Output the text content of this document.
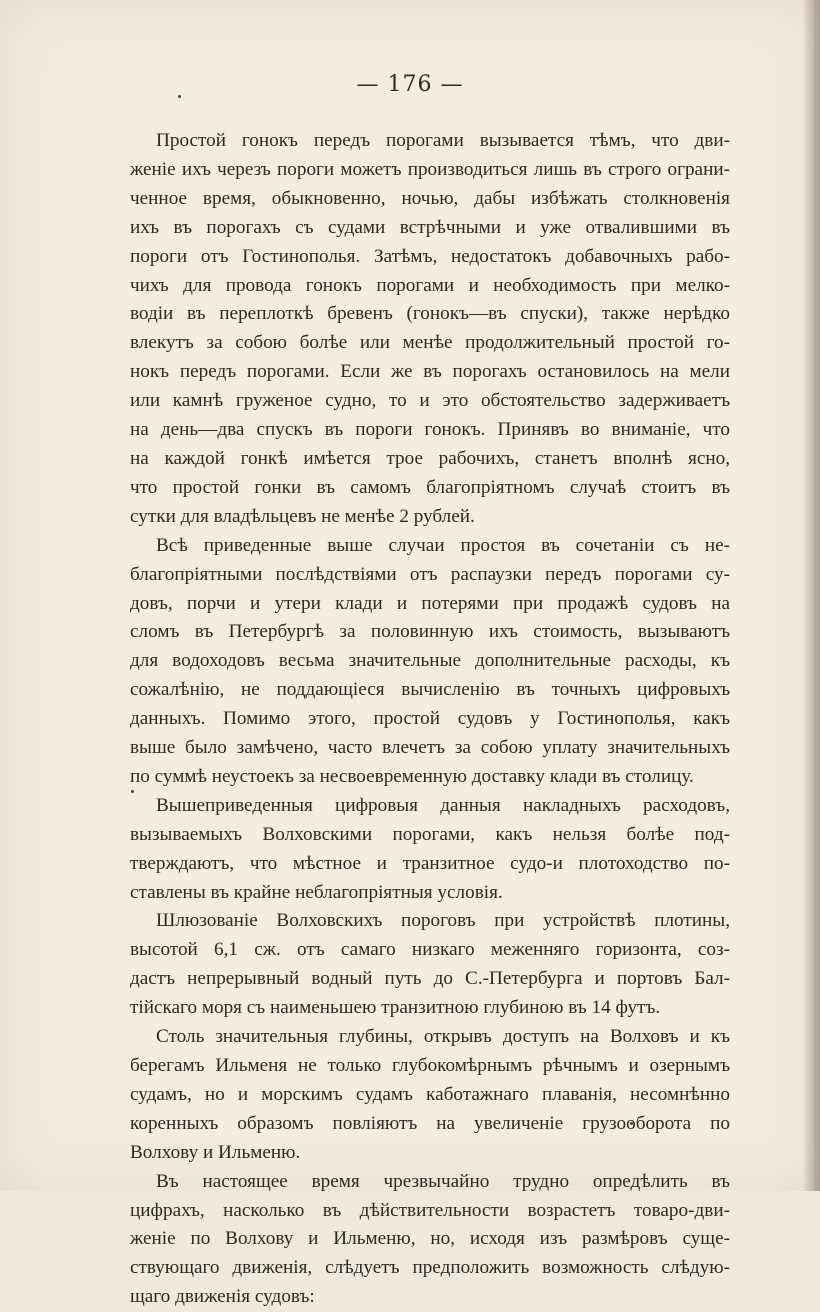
— 176 —
Простой гонокъ передъ порогами вызывается тѣмъ, что дви-
женіе ихъ черезъ пороги можетъ производиться лишь въ строго ограни-
ченное время, обыкновенно, ночью, дабы избѣжать столкновенія
ихъ въ порогахъ съ судами встрѣчными и уже отвалившими въ
пороги отъ Гостинополья. Затѣмъ, недостатокъ добавочныхъ рабо-
чихъ для провода гонокъ порогами и необходимость при мелко-
водіи въ переплоткѣ бревенъ (гонокъ—въ спуски), также нерѣдко
влекутъ за собою болѣе или менѣе продолжительный простой го-
нокъ передъ порогами. Если же въ порогахъ остановилось на мели
или камнѣ груженое судно, то и это обстоятельство задерживаетъ
на день—два спускъ въ пороги гонокъ. Принявъ во вниманіе, что
на каждой гонкѣ имѣется трое рабочихъ, станетъ вполнѣ ясно,
что простой гонки въ самомъ благопріятномъ случаѣ стоитъ въ
сутки для владѣльцевъ не менѣе 2 рублей.
Всѣ приведенные выше случаи простоя въ сочетаніи съ не-
благопріятными послѣдствіями отъ распаузки передъ порогами су-
довъ, порчи и утери клади и потерями при продажѣ судовъ на
сломъ въ Петербургѣ за половинную ихъ стоимость, вызываютъ
для водоходовъ весьма значительные дополнительные расходы, къ
сожалѣнію, не поддающіеся вычисленію въ точныхъ цифровыхъ
данныхъ. Помимо этого, простой судовъ у Гостинополья, какъ
выше было замѣчено, часто влечетъ за собою уплату значительныхъ
по суммѣ неустоекъ за несвоевременную доставку клади въ столицу.
Вышеприведенныя цифровыя данныя накладныхъ расходовъ,
вызываемыхъ Волховскими порогами, какъ нельзя болѣе под-
тверждаютъ, что мѣстное и транзитное судо-и плотоходство по-
ставлены въ крайне неблагопріятныя условія.
Шлюзованіе Волховскихъ пороговъ при устройствѣ плотины,
высотой 6,1 сж. отъ самаго низкаго меженняго горизонта, соз-
дастъ непрерывный водный путь до С.-Петербурга и портовъ Бал-
тійскаго моря съ наименьшею транзитною глубиною въ 14 футъ.
Столь значительныя глубины, открывъ доступъ на Волховъ и къ
берегамъ Ильменя не только глубокомѣрнымъ рѣчнымъ и озернымъ
судамъ, но и морскимъ судамъ каботажнаго плаванія, несомнѣнно
коренныхъ образомъ повліяютъ на увеличеніе грузооборота по
Волхову и Ильменю.
Въ настоящее время чрезвычайно трудно опредѣлить въ
цифрахъ, насколько въ дѣйствительности возрастетъ товаро-дви-
женіе по Волхову и Ильменю, но, исходя изъ размѣровъ суще-
ствующаго движенія, слѣдуетъ предположить возможность слѣдую-
щаго движенія судовъ:
